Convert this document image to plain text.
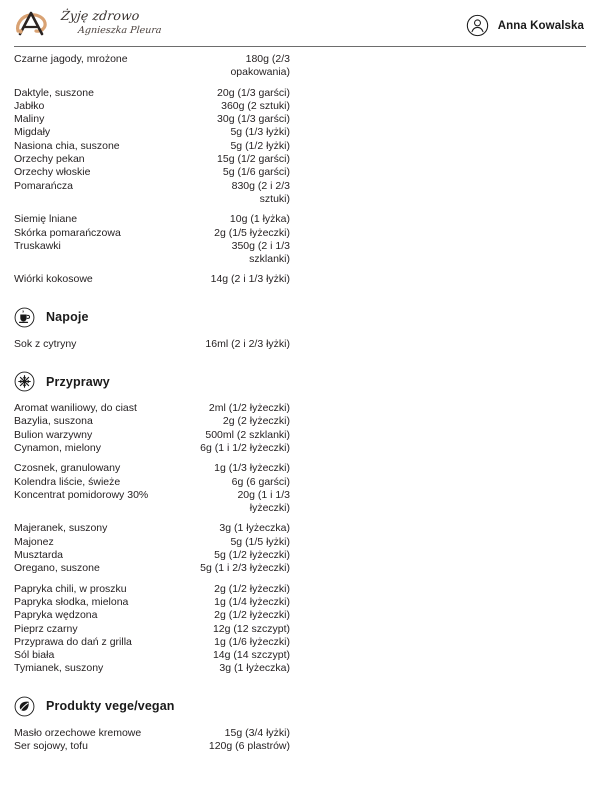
Żyję zdrowo
Agnieszka Pleura	Anna Kowalska
Czarne jagody, mrożone	180g (2/3 opakowania)
Daktyle, suszone	20g (1/3 garści)
Jabłko	360g (2 sztuki)
Maliny	30g (1/3 garści)
Migdały	5g (1/3 łyżki)
Nasiona chia, suszone	5g (1/2 łyżki)
Orzechy pekan	15g (1/2 garści)
Orzechy włoskie	5g (1/6 garści)
Pomarańcza	830g (2 i 2/3 sztuki)
Siemię lniane	10g (1 łyżka)
Skórka pomarańczowa	2g (1/5 łyżeczki)
Truskawki	350g (2 i 1/3 szklanki)
Wiórki kokosowe	14g (2 i 1/3 łyżki)
Napoje
Sok z cytryny	16ml (2 i 2/3 łyżki)
Przyprawy
Aromat waniliowy, do ciast	2ml (1/2 łyżeczki)
Bazylia, suszona	2g (2 łyżeczki)
Bulion warzywny	500ml (2 szklanki)
Cynamon, mielony	6g (1 i 1/2 łyżeczki)
Czosnek, granulowany	1g (1/3 łyżeczki)
Kolendra liście, świeże	6g (6 garści)
Koncentrat pomidorowy 30%	20g (1 i 1/3 łyżeczki)
Majeranek, suszony	3g (1 łyżeczka)
Majonez	5g (1/5 łyżki)
Musztarda	5g (1/2 łyżeczki)
Oregano, suszone	5g (1 i 2/3 łyżeczki)
Papryka chili, w proszku	2g (1/2 łyżeczki)
Papryka słodka, mielona	1g (1/4 łyżeczki)
Papryka wędzona	2g (1/2 łyżeczki)
Pieprz czarny	12g (12 szczypt)
Przyprawa do dań z grilla	1g (1/6 łyżeczki)
Sól biała	14g (14 szczypt)
Tymianek, suszony	3g (1 łyżeczka)
Produkty vege/vegan
Masło orzechowe kremowe	15g (3/4 łyżki)
Ser sojowy, tofu	120g (6 plastrów)
